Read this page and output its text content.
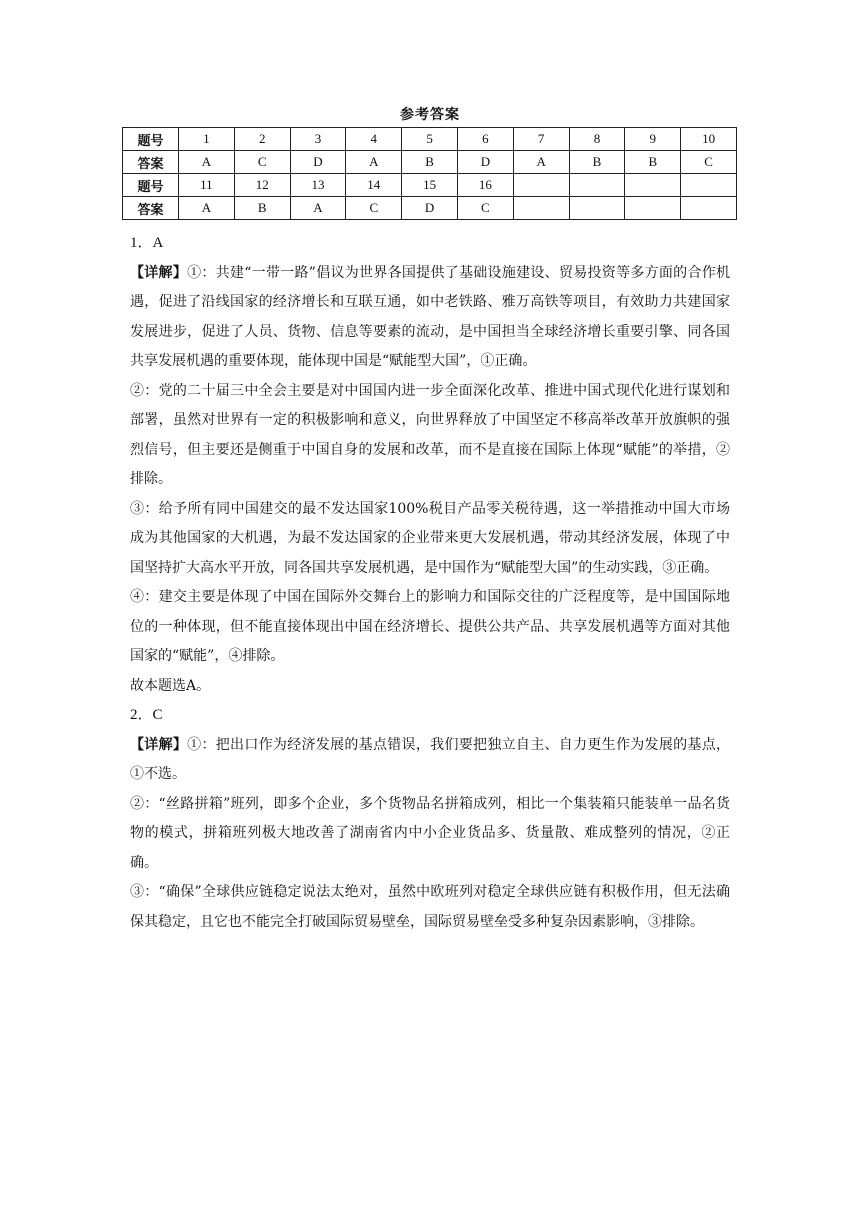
参考答案
题号	1	2	3	4	5	6	7	8	9	10
答案	A	C	D	A	B	D	A	B	B	C
题号	11	12	13	14	15	16				
答案	A	B	A	C	D	C				

1．A

【详解】①：共建“一带一路”倡议为世界各国提供了基础设施建设、贸易投资等多方面的合作机遇，促进了沿线国家的经济增长和互联互通，如中老铁路、雅万高铁等项目，有效助力共建国家发展进步，促进了人员、货物、信息等要素的流动，是中国担当全球经济增长重要引擎、同各国共享发展机遇的重要体现，能体现中国是“赋能型大国”，①正确。

②：党的二十届三中全会主要是对中国国内进一步全面深化改革、推进中国式现代化进行谋划和部署，虽然对世界有一定的积极影响和意义，向世界释放了中国坚定不移高举改革开放旗帜的强烈信号，但主要还是侧重于中国自身的发展和改革，而不是直接在国际上体现“赋能”的举措，②排除。

③：给予所有同中国建交的最不发达国家100%税目产品零关税待遇，这一举措推动中国大市场成为其他国家的大机遇，为最不发达国家的企业带来更大发展机遇，带动其经济发展，体现了中国坚持扩大高水平开放，同各国共享发展机遇，是中国作为“赋能型大国”的生动实践，③正确。

④：建交主要是体现了中国在国际外交舞台上的影响力和国际交往的广泛程度等，是中国国际地位的一种体现，但不能直接体现出中国在经济增长、提供公共产品、共享发展机遇等方面对其他国家的“赋能”，④排除。

故本题选A。

2．C

【详解】①：把出口作为经济发展的基点错误，我们要把独立自主、自力更生作为发展的基点，①不选。

②：“丝路拼箱”班列，即多个企业，多个货物品名拼箱成列，相比一个集装箱只能装单一品名货物的模式，拼箱班列极大地改善了湖南省内中小企业货品多、货量散、难成整列的情况，②正确。

③：“确保”全球供应链稳定说法太绝对，虽然中欧班列对稳定全球供应链有积极作用，但无法确保其稳定，且它也不能完全打破国际贸易壁垒，国际贸易壁垒受多种复杂因素影响，③排除。
